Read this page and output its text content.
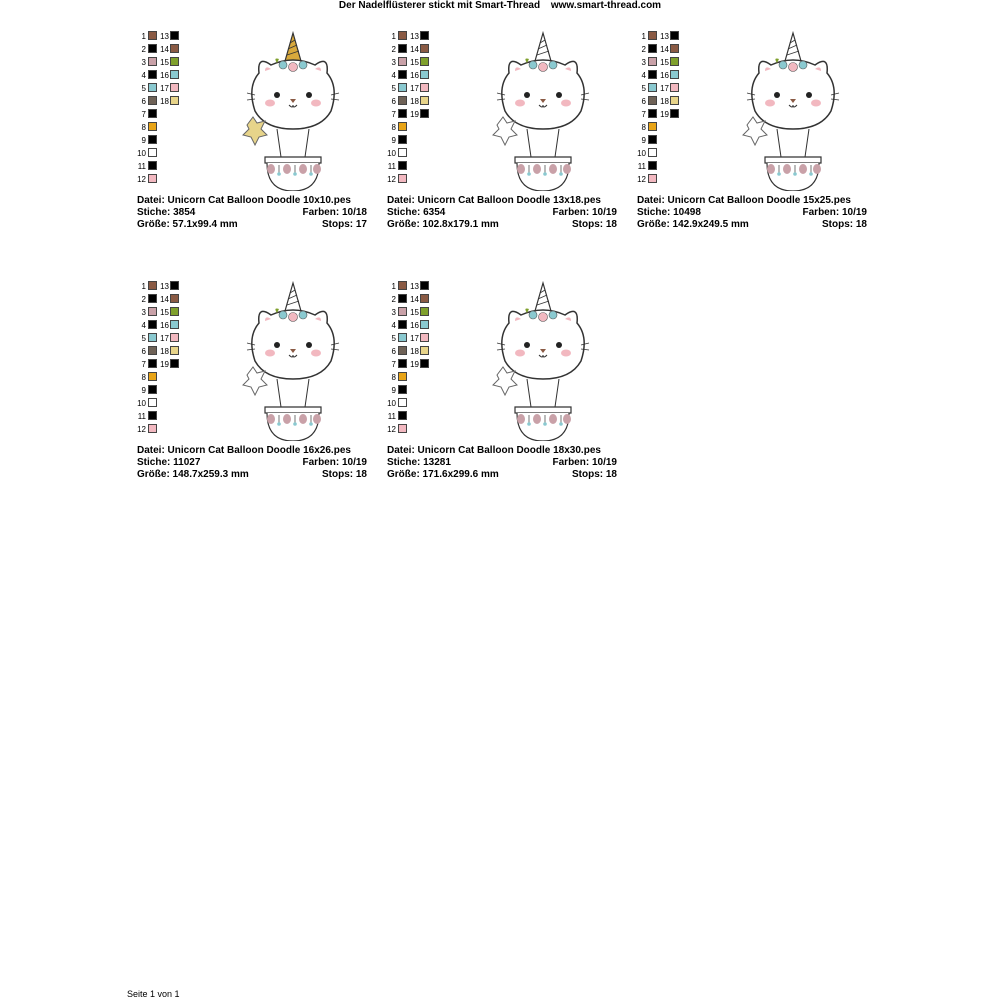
Der Nadelflüsterer stickt mit Smart-Thread www.smart-thread.com
1	13
2	14
3	15
4	16
5	17
6	18
7
8
9
10
11
12
Datei: Unicorn Cat Balloon Doodle 10x10.pes
Stiche: 3854	Farben: 10/18
Größe: 57.1x99.4 mm	Stops: 17
1	13
2	14
3	15
4	16
5	17
6	18
7	19
8
9
10
11
12
Datei: Unicorn Cat Balloon Doodle 13x18.pes
Stiche: 6354	Farben: 10/19
Größe: 102.8x179.1 mm	Stops: 18
1	13
2	14
3	15
4	16
5	17
6	18
7	19
8
9
10
11
12
Datei: Unicorn Cat Balloon Doodle 15x25.pes
Stiche: 10498	Farben: 10/19
Größe: 142.9x249.5 mm	Stops: 18
1	13
2	14
3	15
4	16
5	17
6	18
7	19
8
9
10
11
12
Datei: Unicorn Cat Balloon Doodle 16x26.pes
Stiche: 11027	Farben: 10/19
Größe: 148.7x259.3 mm	Stops: 18
1	13
2	14
3	15
4	16
5	17
6	18
7	19
8
9
10
11
12
Datei: Unicorn Cat Balloon Doodle 18x30.pes
Stiche: 13281	Farben: 10/19
Größe: 171.6x299.6 mm	Stops: 18
Seite 1 von 1
